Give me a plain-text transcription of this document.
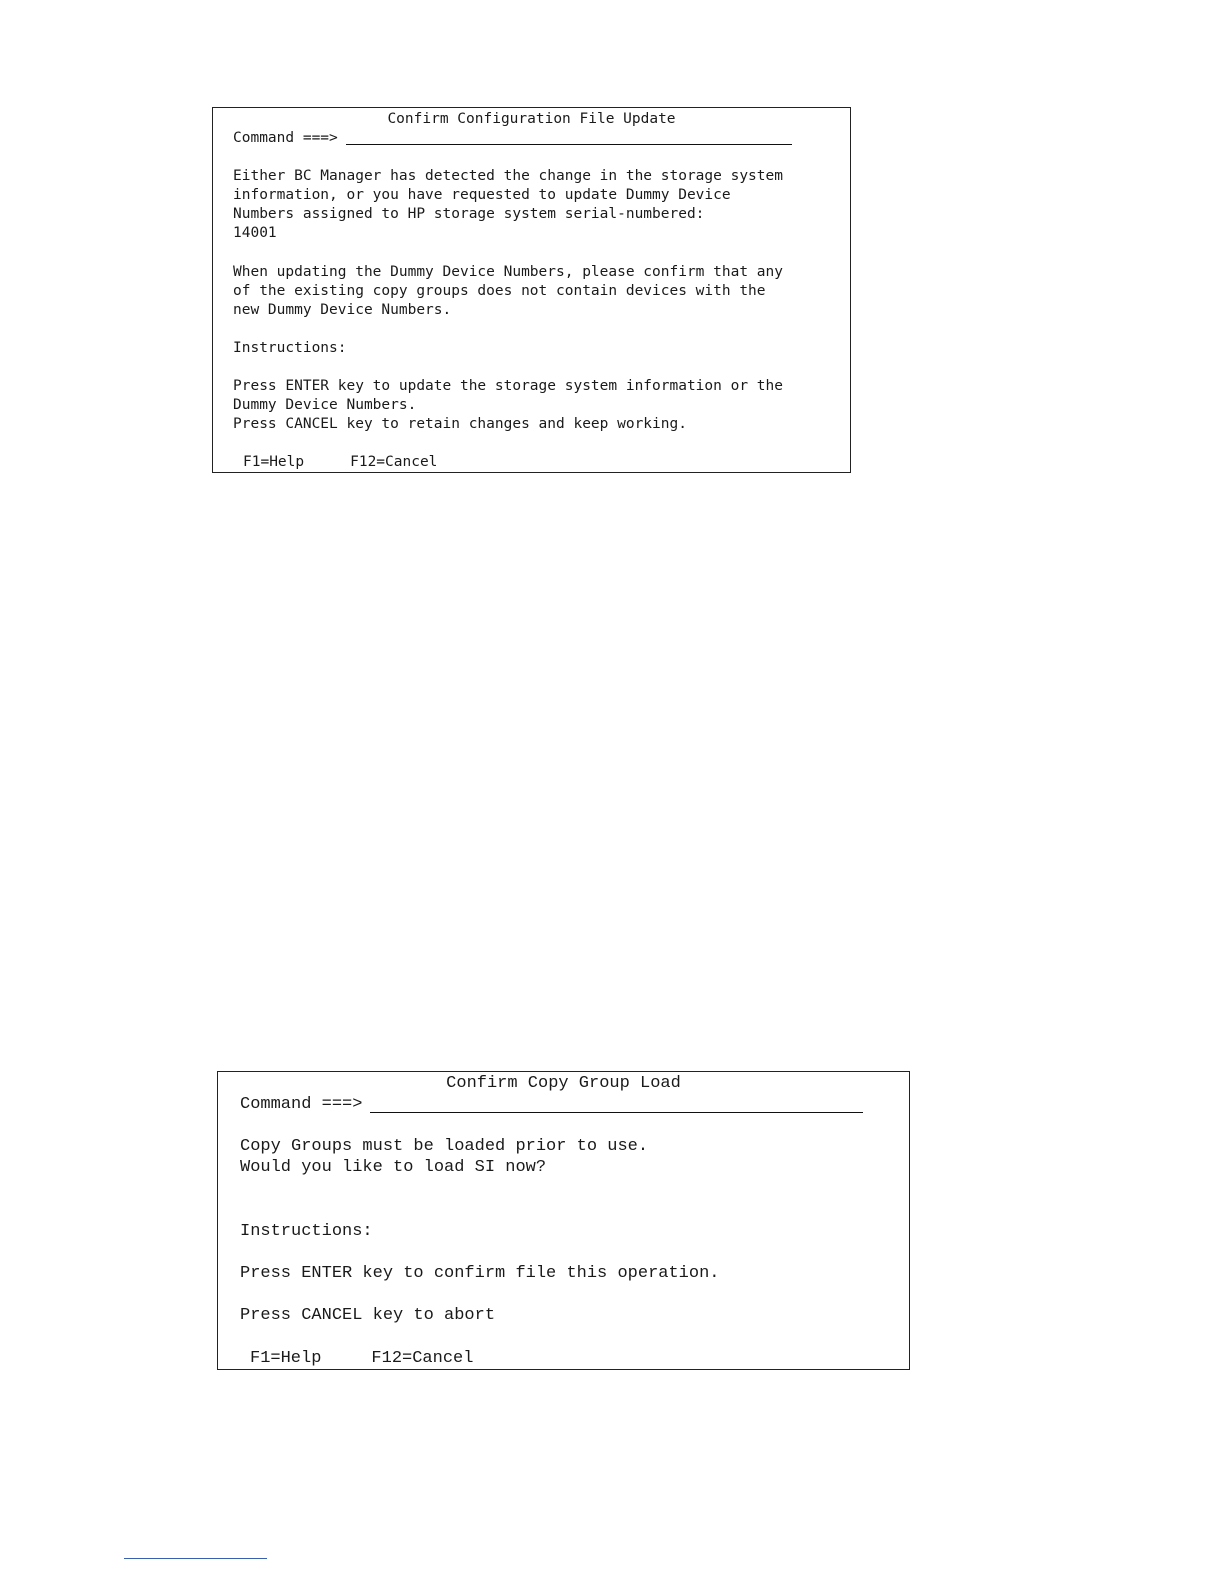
Confirm Configuration File Update
Command ===>
Either BC Manager has detected the change in the storage system
information, or you have requested to update Dummy Device
Numbers assigned to HP storage system serial-numbered:
14001
When updating the Dummy Device Numbers, please confirm that any
of the existing copy groups does not contain devices with the
new Dummy Device Numbers.
Instructions:
Press ENTER key to update the storage system information or the
Dummy Device Numbers.
Press CANCEL key to retain changes and keep working.
F1=Help	F12=Cancel
Confirm Copy Group Load
Command ===>
Copy Groups must be loaded prior to use.
Would you like to load SI now?
Instructions:
Press ENTER key to confirm file this operation.
Press CANCEL key to abort
F1=Help	F12=Cancel
